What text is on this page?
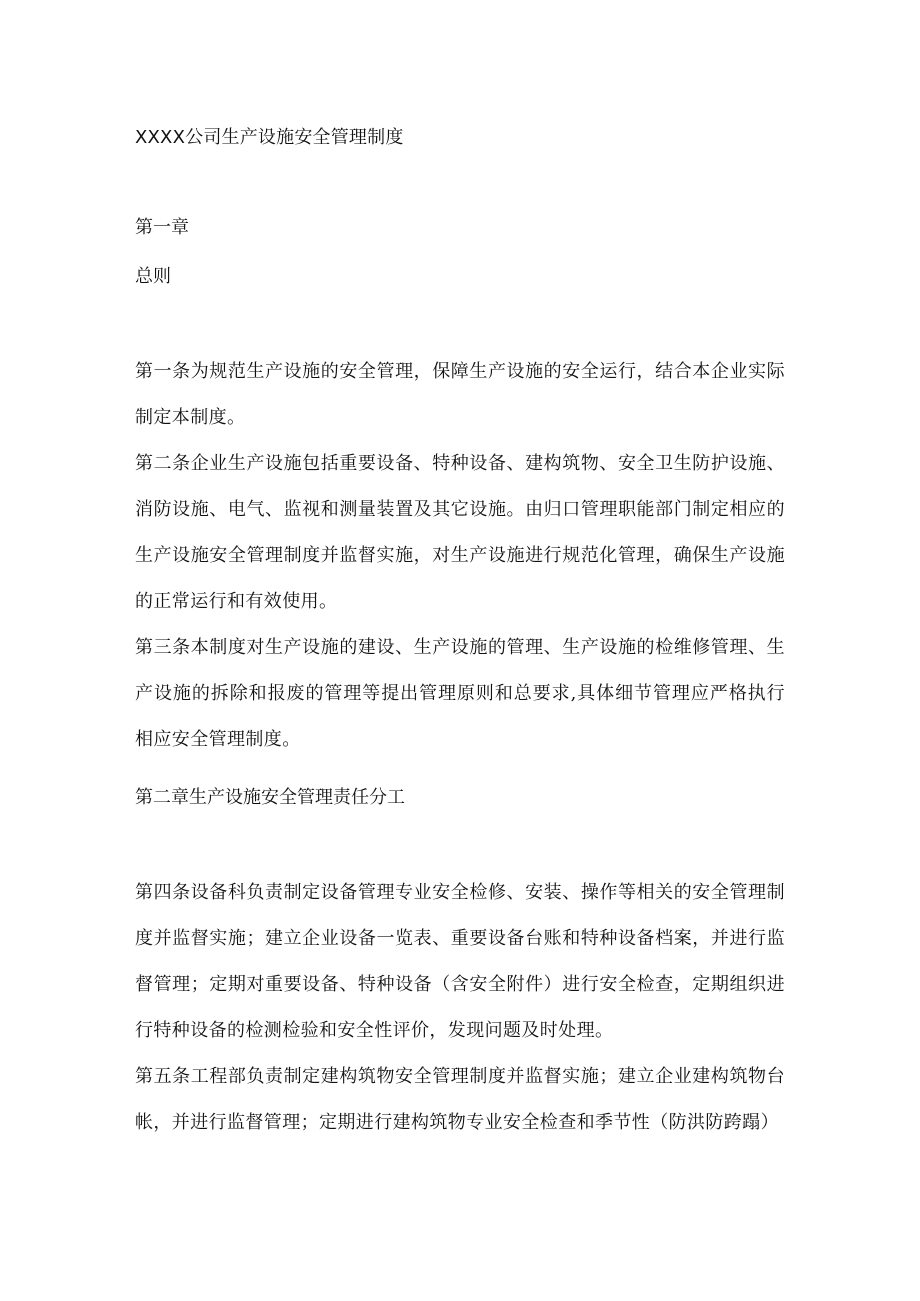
XXXX公司生产设施安全管理制度
第一章
总则
第一条为规范生产设施的安全管理，保障生产设施的安全运行，结合本企业实际制定本制度。
第二条企业生产设施包括重要设备、特种设备、建构筑物、安全卫生防护设施、消防设施、电气、监视和测量装置及其它设施。由归口管理职能部门制定相应的生产设施安全管理制度并监督实施，对生产设施进行规范化管理，确保生产设施的正常运行和有效使用。
第三条本制度对生产设施的建设、生产设施的管理、生产设施的检维修管理、生产设施的拆除和报废的管理等提出管理原则和总要求,具体细节管理应严格执行相应安全管理制度。
第二章生产设施安全管理责任分工
第四条设备科负责制定设备管理专业安全检修、安装、操作等相关的安全管理制度并监督实施；建立企业设备一览表、重要设备台账和特种设备档案，并进行监督管理；定期对重要设备、特种设备（含安全附件）进行安全检查，定期组织进行特种设备的检测检验和安全性评价，发现问题及时处理。
第五条工程部负责制定建构筑物安全管理制度并监督实施；建立企业建构筑物台帐，并进行监督管理；定期进行建构筑物专业安全检查和季节性（防洪防跨蹋）
